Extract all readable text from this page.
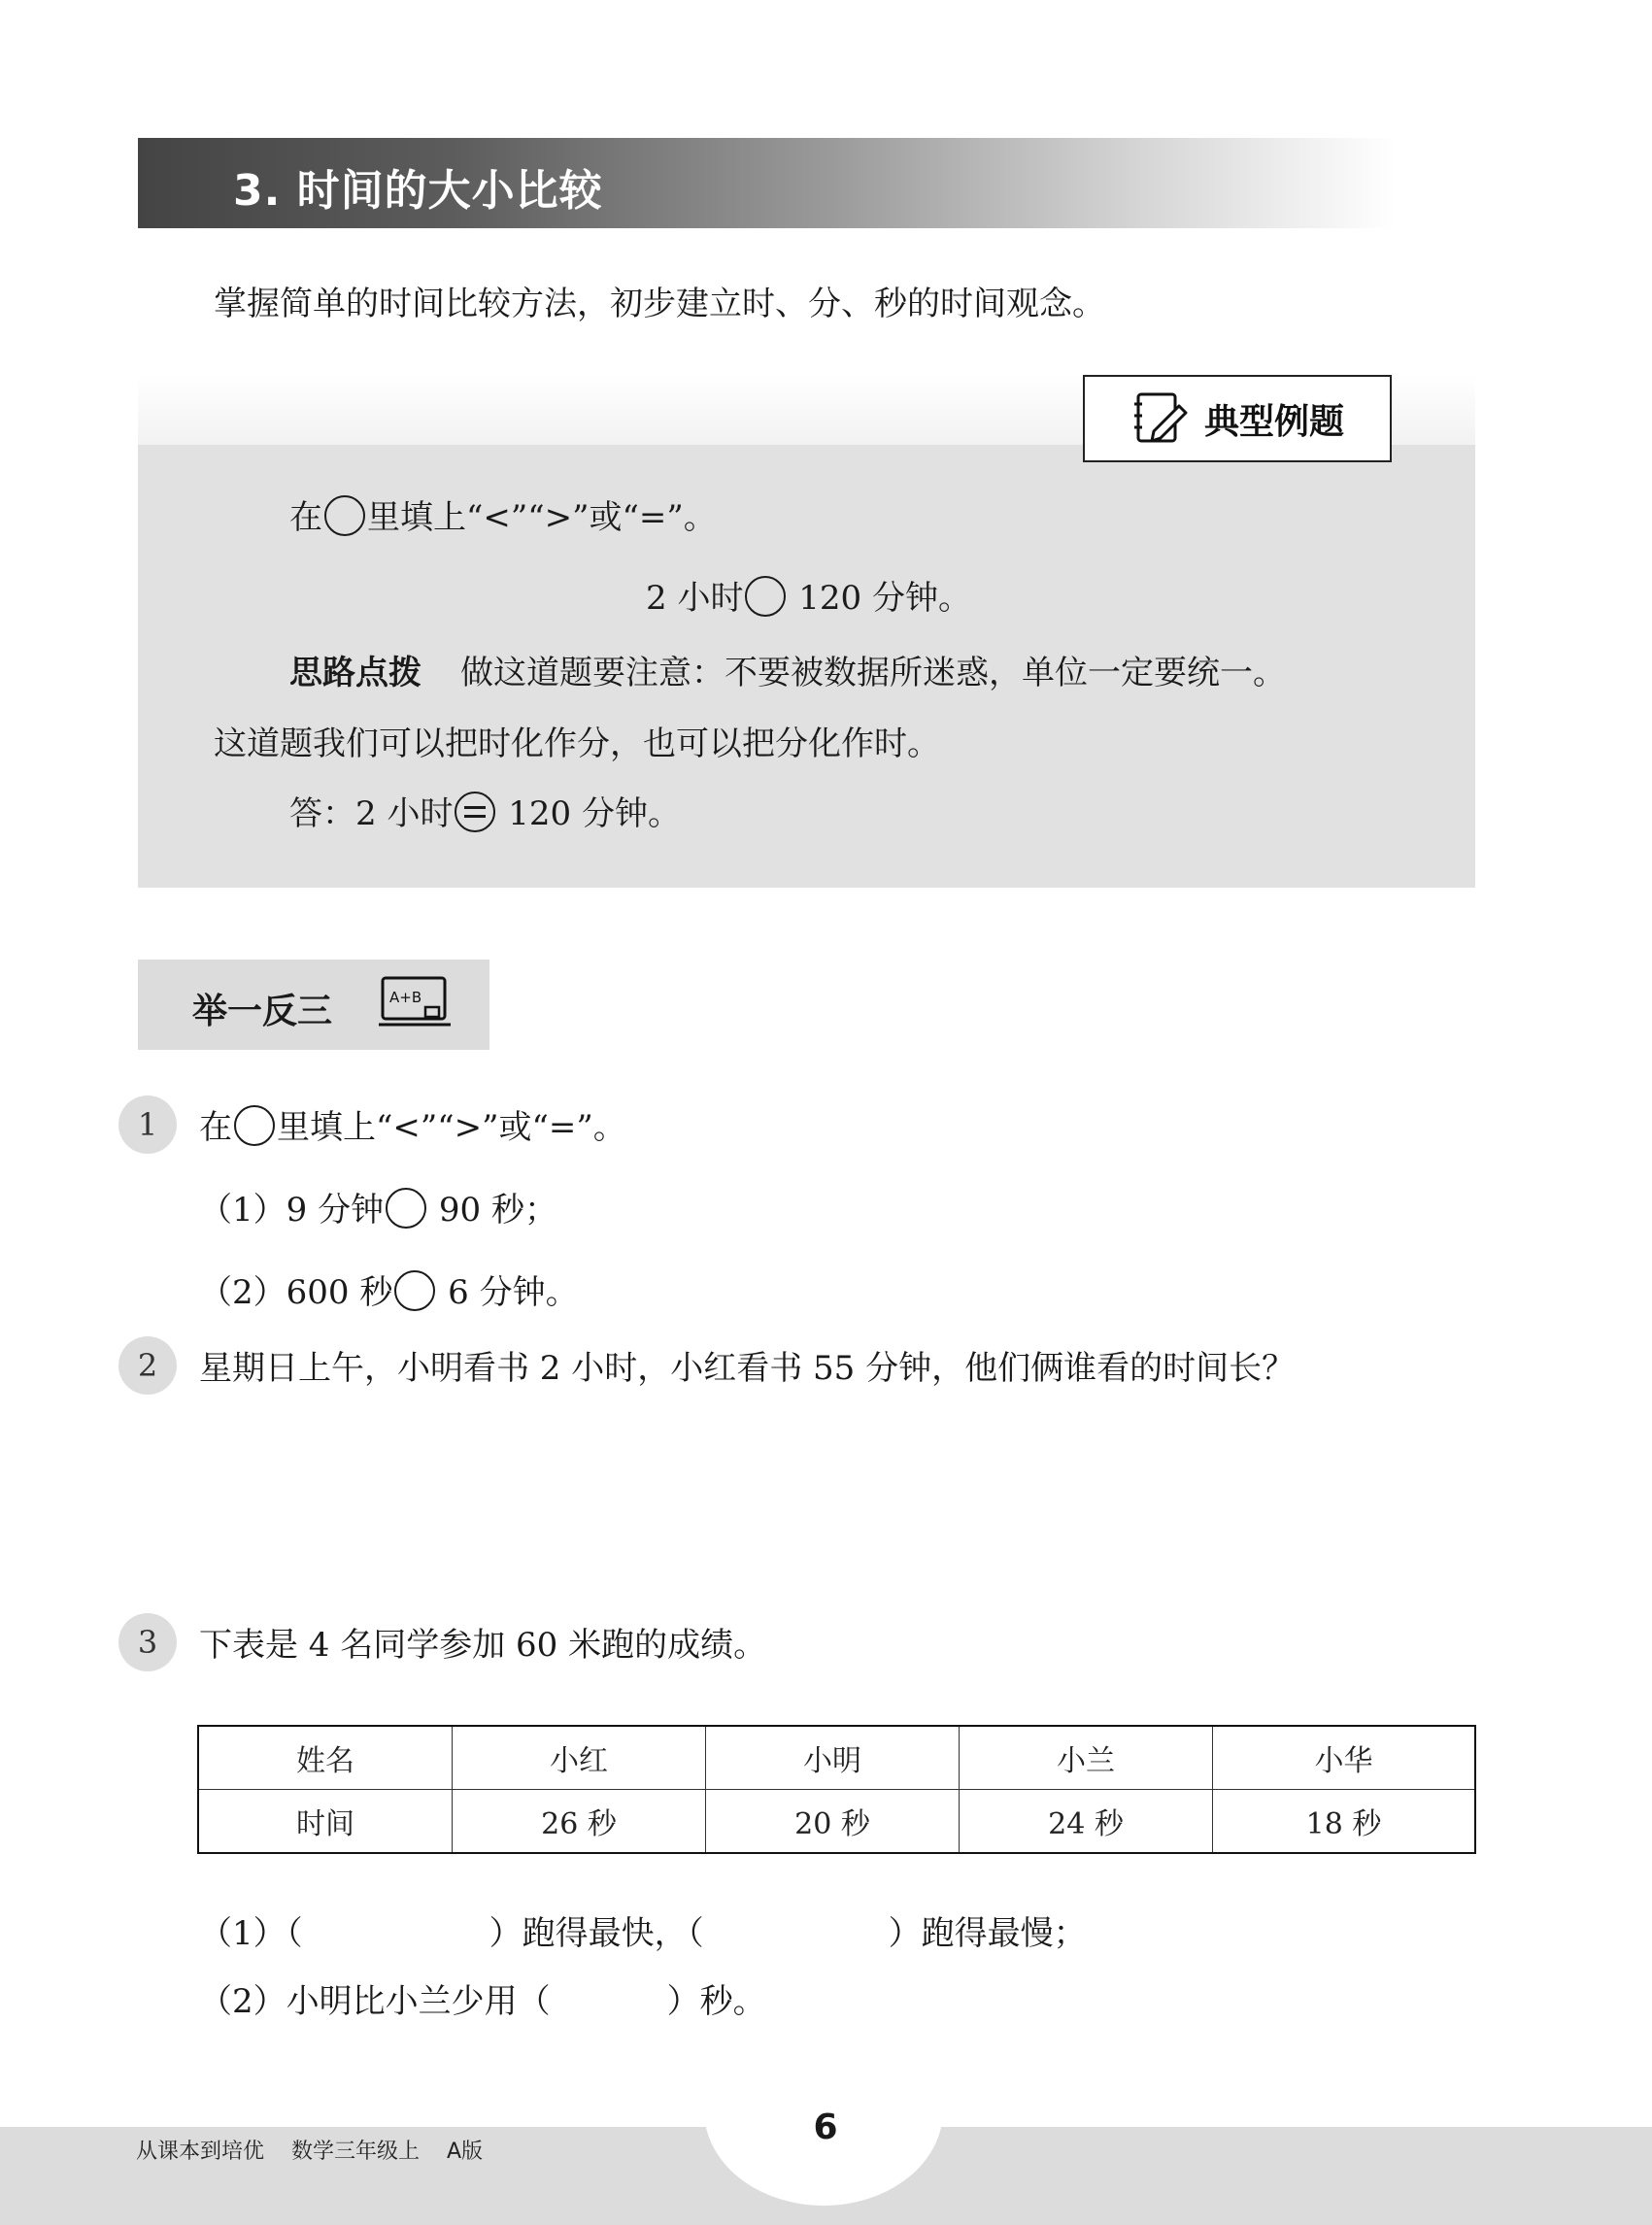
3. 时间的大小比较
掌握简单的时间比较方法，初步建立时、分、秒的时间观念。
典型例题
在 里填上“<”“>”或“=”。
2 小时 120 分钟。
思路点拨 做这道题要注意：不要被数据所迷惑，单位一定要统一。
这道题我们可以把时化作分，也可以把分化作时。
答：2 小时 120 分钟。
举一反三	A+B
1	在 里填上“<”“>”或“=”。
（1）9 分钟 90 秒；
（2）600 秒 6 分钟。
2	星期日上午，小明看书 2 小时，小红看书 55 分钟，他们俩谁看的时间长？
3	下表是 4 名同学参加 60 米跑的成绩。
姓名	小红	小明	小兰	小华
时间	26 秒	20 秒	24 秒	18 秒
（1）（	）跑得最快，（	）跑得最慢；
（2）小明比小兰少用（	）秒。
从课本到培优    数学三年级上    A版
6
